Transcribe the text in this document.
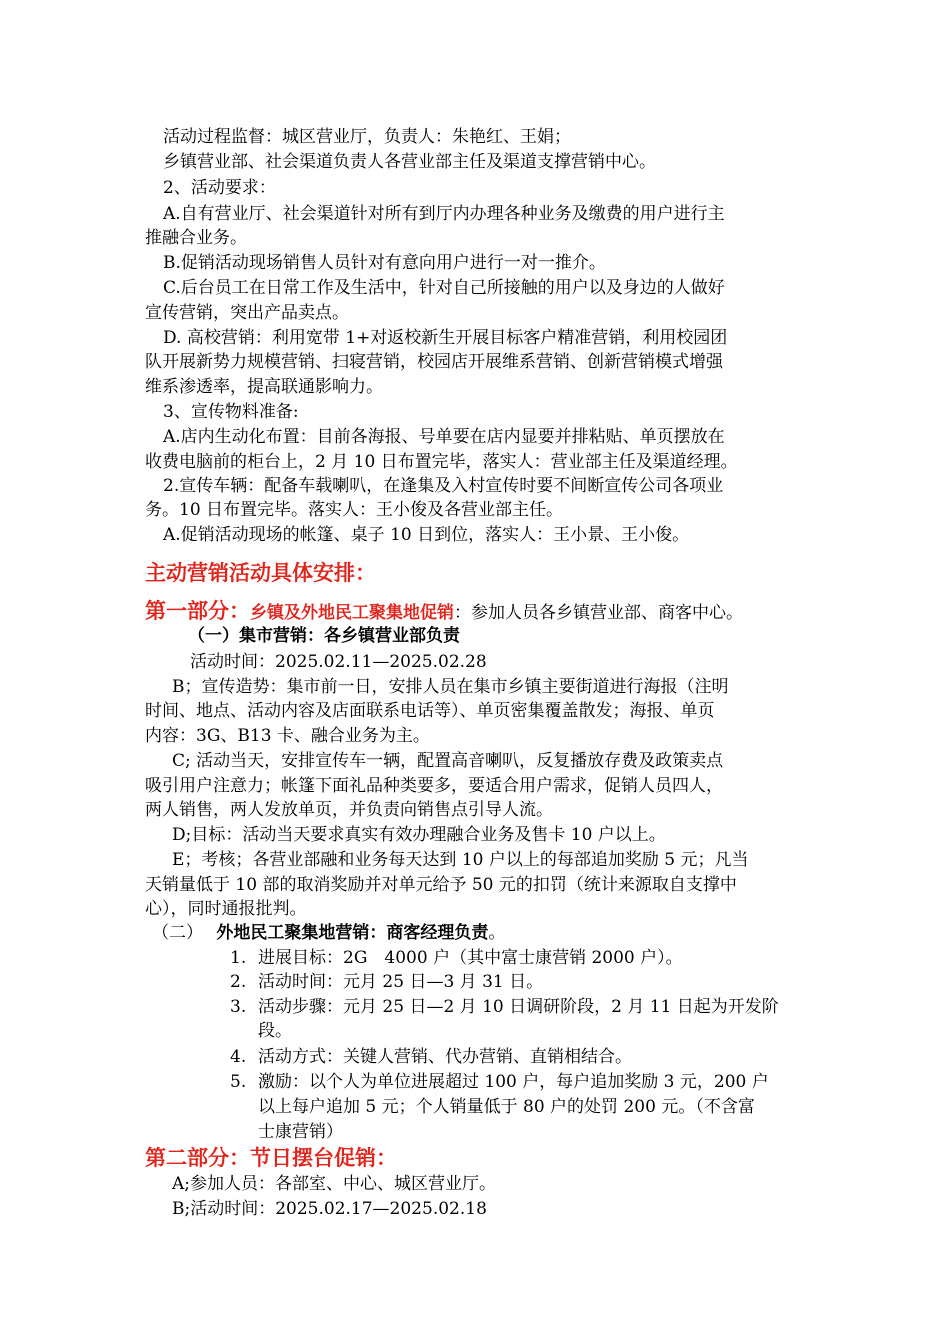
活动过程监督：城区营业厅，负责人：朱艳红、王娟；
乡镇营业部、社会渠道负责人各营业部主任及渠道支撑营销中心。
2、活动要求：
A.自有营业厅、社会渠道针对所有到厅内办理各种业务及缴费的用户进行主
推融合业务。
B.促销活动现场销售人员针对有意向用户进行一对一推介。
C.后台员工在日常工作及生活中，针对自己所接触的用户以及身边的人做好
宣传营销，突出产品卖点。
D. 高校营销：利用宽带 1+对返校新生开展目标客户精准营销，利用校园团
队开展新势力规模营销、扫寝营销，校园店开展维系营销、创新营销模式增强
维系渗透率，提高联通影响力。
3、宣传物料准备:
A.店内生动化布置：目前各海报、号单要在店内显要并排粘贴、单页摆放在
收费电脑前的柜台上，2 月 10 日布置完毕，落实人：营业部主任及渠道经理。
2.宣传车辆：配备车载喇叭，在逢集及入村宣传时要不间断宣传公司各项业
务。10 日布置完毕。落实人：王小俊及各营业部主任。
A.促销活动现场的帐篷、桌子 10 日到位，落实人：王小景、王小俊。
主动营销活动具体安排：
第一部分：乡镇及外地民工聚集地促销：参加人员各乡镇营业部、商客中心。
（一）集市营销：各乡镇营业部负责
活动时间：2025.02.11—2025.02.28
B；宣传造势：集市前一日，安排人员在集市乡镇主要街道进行海报（注明
时间、地点、活动内容及店面联系电话等）、单页密集覆盖散发；海报、单页
内容：3G、B13 卡、融合业务为主。
C; 活动当天，安排宣传车一辆，配置高音喇叭，反复播放存费及政策卖点
吸引用户注意力；帐篷下面礼品种类要多，要适合用户需求，促销人员四人，
两人销售，两人发放单页，并负责向销售点引导人流。
D;目标：活动当天要求真实有效办理融合业务及售卡 10 户以上。
E；考核；各营业部融和业务每天达到 10 户以上的每部追加奖励 5 元；凡当
天销量低于 10 部的取消奖励并对单元给予 50 元的扣罚（统计来源取自支撑中
心），同时通报批判。
（二） 外地民工聚集地营销：商客经理负责。
1. 进展目标：2G　4000 户（其中富士康营销 2000 户）。
2. 活动时间：元月 25 日—3 月 31 日。
3. 活动步骤：元月 25 日—2 月 10 日调研阶段，2 月 11 日起为开发阶
段。
4. 活动方式：关键人营销、代办营销、直销相结合。
5. 激励：以个人为单位进展超过 100 户，每户追加奖励 3 元，200 户
以上每户追加 5 元；个人销量低于 80 户的处罚 200 元。（不含富
士康营销）
第二部分：节日摆台促销：
A;参加人员：各部室、中心、城区营业厅。
B;活动时间：2025.02.17—2025.02.18
